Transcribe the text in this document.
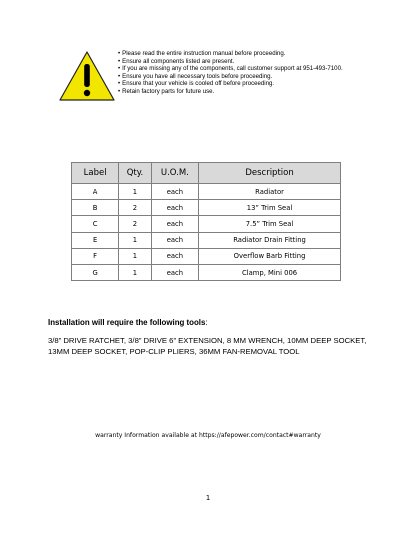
• Please read the entire instruction manual before proceeding.
• Ensure all components listed are present.
• If you are missing any of the components, call customer support at 951-493-7100.
• Ensure you have all necessary tools before proceeding.
• Ensure that your vehicle is cooled off before proceeding.
• Retain factory parts for future use.
Label	Qty.	U.O.M.	Description
A	1	each	Radiator
B	2	each	13” Trim Seal
C	2	each	7.5” Trim Seal
E	1	each	Radiator Drain Fitting
F	1	each	Overflow Barb Fitting
G	1	each	Clamp, Mini 006
Installation will require the following tools:
3/8” DRIVE RATCHET, 3/8” DRIVE 6” EXTENSION, 8 MM WRENCH, 10MM DEEP SOCKET, 13MM DEEP SOCKET, POP-CLIP PLIERS, 36MM FAN-REMOVAL TOOL
warranty Information available at https://afepower.com/contact#warranty
1
